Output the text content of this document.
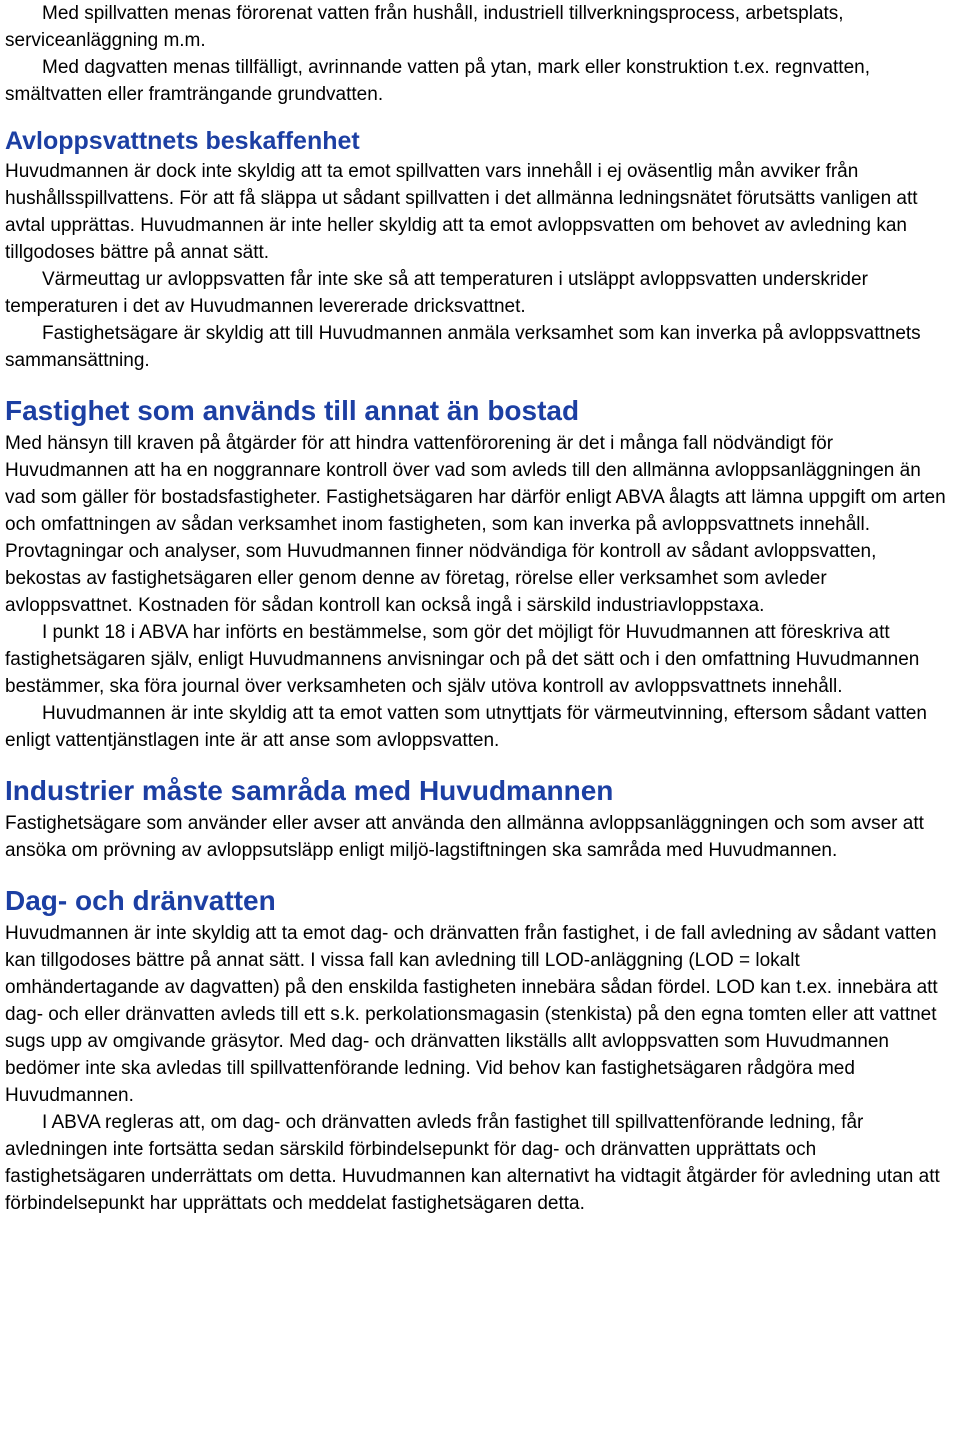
Med spillvatten menas förorenat vatten från hushåll, industriell tillverkningsprocess, arbetsplats, serviceanläggning m.m.

Med dagvatten menas tillfälligt, avrinnande vatten på ytan, mark eller konstruktion t.ex. regnvatten, smältvatten eller framträngande grundvatten.

Avloppsvattnets beskaffenhet

Huvudmannen är dock inte skyldig att ta emot spillvatten vars innehåll i ej oväsentlig mån avviker från hushållsspillvattens. För att få släppa ut sådant spillvatten i det allmänna ledningsnätet förutsätts vanligen att avtal upprättas. Huvudmannen är inte heller skyldig att ta emot avloppsvatten om behovet av avledning kan tillgodoses bättre på annat sätt.

Värmeuttag ur avloppsvatten får inte ske så att temperaturen i utsläppt avloppsvatten underskrider temperaturen i det av Huvudmannen levererade dricksvattnet.

Fastighetsägare är skyldig att till Huvudmannen anmäla verksamhet som kan inverka på avloppsvattnets sammansättning.

Fastighet som används till annat än bostad

Med hänsyn till kraven på åtgärder för att hindra vattenförorening är det i många fall nödvändigt för Huvudmannen att ha en noggrannare kontroll över vad som avleds till den allmänna avloppsanläggningen än vad som gäller för bostadsfastigheter. Fastighetsägaren har därför enligt ABVA ålagts att lämna uppgift om arten och omfattningen av sådan verksamhet inom fastigheten, som kan inverka på avloppsvattnets innehåll. Provtagningar och analyser, som Huvudmannen finner nödvändiga för kontroll av sådant avloppsvatten, bekostas av fastighetsägaren eller genom denne av företag, rörelse eller verksamhet som avleder avloppsvattnet. Kostnaden för sådan kontroll kan också ingå i särskild industriavloppstaxa.

I punkt 18 i ABVA har införts en bestämmelse, som gör det möjligt för Huvudmannen att föreskriva att fastighetsägaren själv, enligt Huvudmannens anvisningar och på det sätt och i den omfattning Huvudmannen bestämmer, ska föra journal över verksamheten och själv utöva kontroll av avloppsvattnets innehåll.

Huvudmannen är inte skyldig att ta emot vatten som utnyttjats för värmeutvinning, eftersom sådant vatten enligt vattentjänstlagen inte är att anse som avloppsvatten.

Industrier måste samråda med Huvudmannen

Fastighetsägare som använder eller avser att använda den allmänna avloppsanläggningen och som avser att ansöka om prövning av avloppsutsläpp enligt miljö-lagstiftningen ska samråda med Huvudmannen.

Dag- och dränvatten

Huvudmannen är inte skyldig att ta emot dag- och dränvatten från fastighet, i de fall avledning av sådant vatten kan tillgodoses bättre på annat sätt. I vissa fall kan avledning till LOD-anläggning (LOD = lokalt omhändertagande av dagvatten) på den enskilda fastigheten innebära sådan fördel. LOD kan t.ex. innebära att dag- och eller dränvatten avleds till ett s.k. perkolationsmagasin (stenkista) på den egna tomten eller att vattnet sugs upp av omgivande gräsytor. Med dag- och dränvatten likställs allt avloppsvatten som Huvudmannen bedömer inte ska avledas till spillvattenförande ledning. Vid behov kan fastighetsägaren rådgöra med Huvudmannen.

I ABVA regleras att, om dag- och dränvatten avleds från fastighet till spillvattenförande ledning, får avledningen inte fortsätta sedan särskild förbindelsepunkt för dag- och dränvatten upprättats och fastighetsägaren underrättats om detta. Huvudmannen kan alternativt ha vidtagit åtgärder för avledning utan att förbindelsepunkt har upprättats och meddelat fastighetsägaren detta.
